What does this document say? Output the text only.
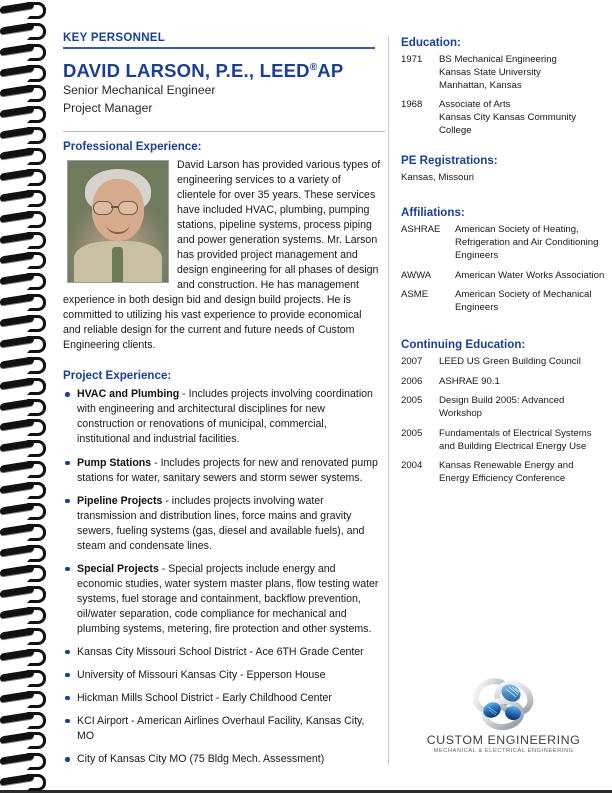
KEY PERSONNEL
DAVID LARSON, P.E., LEED®AP
Senior Mechanical Engineer
Project Manager
Professional Experience:
David Larson has provided various types of engineering services to a variety of clientele for over 35 years. These services have included HVAC, plumbing, pumping stations, pipeline systems, process piping and power generation systems. Mr. Larson has provided project management and design engineering for all phases of design and construction. He has management experience in both design bid and design build projects. He is committed to utilizing his vast experience to provide economical and reliable design for the current and future needs of Custom Engineering clients.
Project Experience:
HVAC and Plumbing - Includes projects involving coordination with engineering and architectural disciplines for new construction or renovations of municipal, commercial, institutional and industrial facilities.
Pump Stations - Includes projects for new and renovated pump stations for water, sanitary sewers and storm sewer systems.
Pipeline Projects - includes projects involving water transmission and distribution lines, force mains and gravity sewers, fueling systems (gas, diesel and available fuels), and steam and condensate lines.
Special Projects - Special projects include energy and economic studies, water system master plans, flow testing water systems, fuel storage and containment, backflow prevention, oil/water separation, code compliance for mechanical and plumbing systems, metering, fire protection and other systems.
Kansas City Missouri School District - Ace 6TH Grade Center
University of Missouri Kansas City - Epperson House
Hickman Mills School District - Early Childhood Center
KCI Airport - American Airlines Overhaul Facility, Kansas City, MO
City of Kansas City MO (75 Bldg Mech. Assessment)
Education:
1971	BS Mechanical Engineering
Kansas State University
Manhattan, Kansas
1968	Associate of Arts
Kansas City Kansas Community College
PE Registrations:
Kansas, Missouri
Affiliations:
ASHRAE	American Society of Heating, Refrigeration and Air Conditioning Engineers
AWWA	American Water Works Association
ASME	American Society of Mechanical Engineers
Continuing Education:
2007	LEED US Green Building Council
2006	ASHRAE 90.1
2005	Design Build 2005: Advanced Workshop
2005	Fundamentals of Electrical Systems and Building Electrical Energy Use
2004	Kansas Renewable Energy and Energy Efficiency Conference
CUSTOM ENGINEERING
MECHANICAL & ELECTRICAL ENGINEERING
